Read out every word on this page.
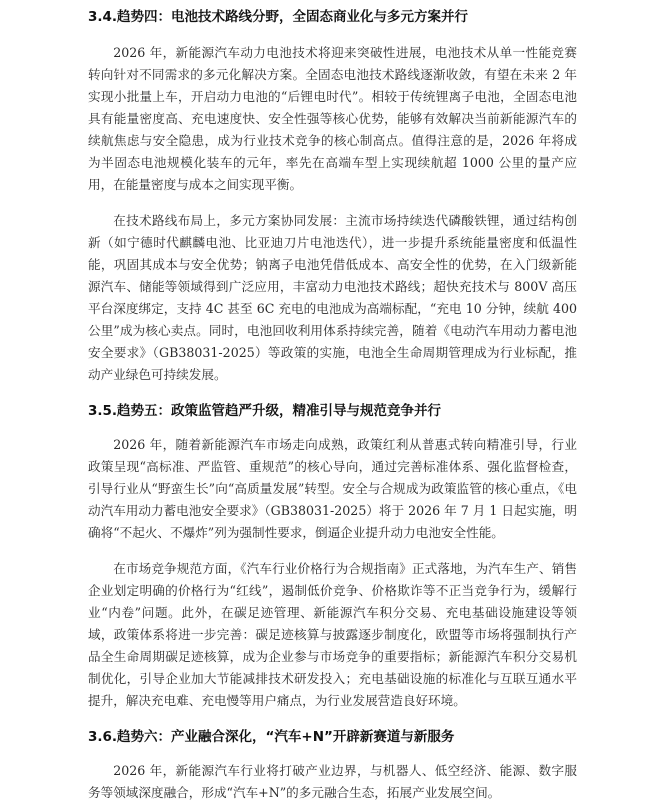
3.4.趋势四：电池技术路线分野，全固态商业化与多元方案并行

2026 年，新能源汽车动力电池技术将迎来突破性进展，电池技术从单一性能竞赛转向针对不同需求的多元化解决方案。全固态电池技术路线逐渐收敛，有望在未来 2 年实现小批量上车，开启动力电池的“后锂电时代”。相较于传统锂离子电池，全固态电池具有能量密度高、充电速度快、安全性强等核心优势，能够有效解决当前新能源汽车的续航焦虑与安全隐患，成为行业技术竞争的核心制高点。值得注意的是，2026 年将成为半固态电池规模化装车的元年，率先在高端车型上实现续航超 1000 公里的量产应用，在能量密度与成本之间实现平衡。

在技术路线布局上，多元方案协同发展：主流市场持续迭代磷酸铁锂，通过结构创新（如宁德时代麒麟电池、比亚迪刀片电池迭代），进一步提升系统能量密度和低温性能，巩固其成本与安全优势；钠离子电池凭借低成本、高安全性的优势，在入门级新能源汽车、储能等领域得到广泛应用，丰富动力电池技术路线；超快充技术与 800V 高压平台深度绑定，支持 4C 甚至 6C 充电的电池成为高端标配，“充电 10 分钟，续航 400 公里”成为核心卖点。同时，电池回收利用体系持续完善，随着《电动汽车用动力蓄电池安全要求》（GB38031-2025）等政策的实施，电池全生命周期管理成为行业标配，推动产业绿色可持续发展。

3.5.趋势五：政策监管趋严升级，精准引导与规范竞争并行

2026 年，随着新能源汽车市场走向成熟，政策红利从普惠式转向精准引导，行业政策呈现“高标准、严监管、重规范”的核心导向，通过完善标准体系、强化监督检查，引导行业从“野蛮生长”向“高质量发展”转型。安全与合规成为政策监管的核心重点，《电动汽车用动力蓄电池安全要求》（GB38031-2025）将于 2026 年 7 月 1 日起实施，明确将“不起火、不爆炸”列为强制性要求，倒逼企业提升动力电池安全性能。

在市场竞争规范方面，《汽车行业价格行为合规指南》正式落地，为汽车生产、销售企业划定明确的价格行为“红线”，遏制低价竞争、价格欺诈等不正当竞争行为，缓解行业“内卷”问题。此外，在碳足迹管理、新能源汽车积分交易、充电基础设施建设等领域，政策体系将进一步完善：碳足迹核算与披露逐步制度化，欧盟等市场将强制执行产品全生命周期碳足迹核算，成为企业参与市场竞争的重要指标；新能源汽车积分交易机制优化，引导企业加大节能减排技术研发投入；充电基础设施的标准化与互联互通水平提升，解决充电难、充电慢等用户痛点，为行业发展营造良好环境。

3.6.趋势六：产业融合深化，“汽车+N”开辟新赛道与新服务

2026 年，新能源汽车行业将打破产业边界，与机器人、低空经济、能源、数字服务等领域深度融合，形成“汽车+N”的多元融合生态，拓展产业发展空间。
